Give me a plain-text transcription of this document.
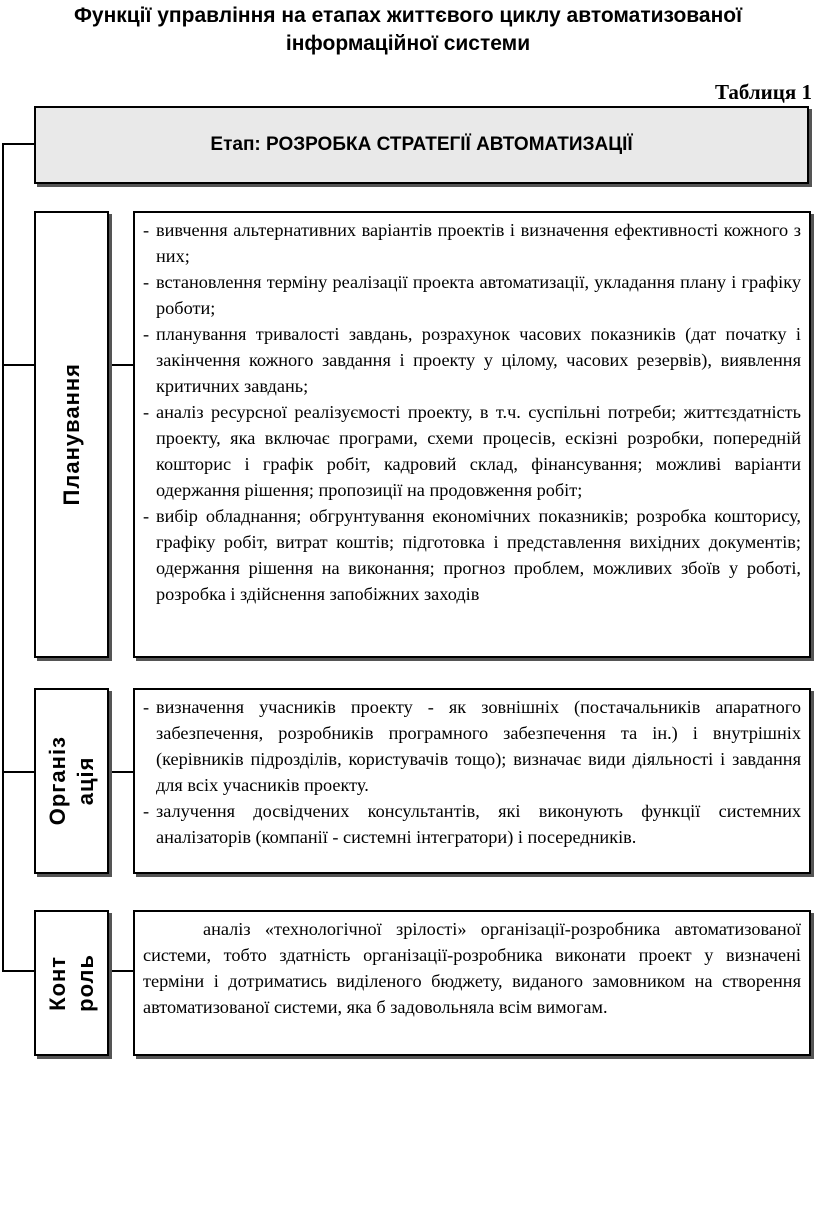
Функції управління на етапах життєвого циклу автоматизованої інформаційної системи
Таблиця 1
Етап: РОЗРОБКА СТРАТЕГІЇ АВТОМАТИЗАЦІЇ
Планування
- вивчення альтернативних варіантів проектів і визначення ефективності кожного з них;
- встановлення терміну реалізації проекта автоматизації, укладання плану і графіку роботи;
- планування тривалості завдань, розрахунок часових показників (дат початку і закінчення кожного завдання і проекту у цілому, часових резервів), виявлення критичних завдань;
- аналіз ресурсної реалізуємості проекту, в т.ч. суспільні потреби; життєздатність проекту, яка включає програми, схеми процесів, ескізні розробки, попередній кошторис і графік робіт, кадровий склад, фінансування; можливі варіанти одержання рішення; пропозиції на продовження робіт;
- вибір обладнання; обгрунтування економічних показників; розробка кошторису, графіку робіт, витрат коштів; підготовка і представлення вихідних документів; одержання рішення на виконання; прогноз проблем, можливих збоїв у роботі, розробка і здійснення запобіжних заходів
Організ ація
- визначення учасників проекту - як зовнішніх (постачальників апаратного забезпечення, розробників програмного забезпечення та ін.) і внутрішніх (керівників підрозділів, користувачів тощо); визначає види діяльності і завдання для всіх учасників проекту.
- залучення досвідчених консультантів, які виконують функції системних аналізаторів (компанії - системні інтегратори) і посередників.
Конт роль
аналіз «технологічної зрілості» організації-розробника автоматизованої системи, тобто здатність організації-розробника виконати проект у визначені терміни і дотриматись виділеного бюджету, виданого замовником на створення автоматизованої системи, яка б задовольняла всім вимогам.
